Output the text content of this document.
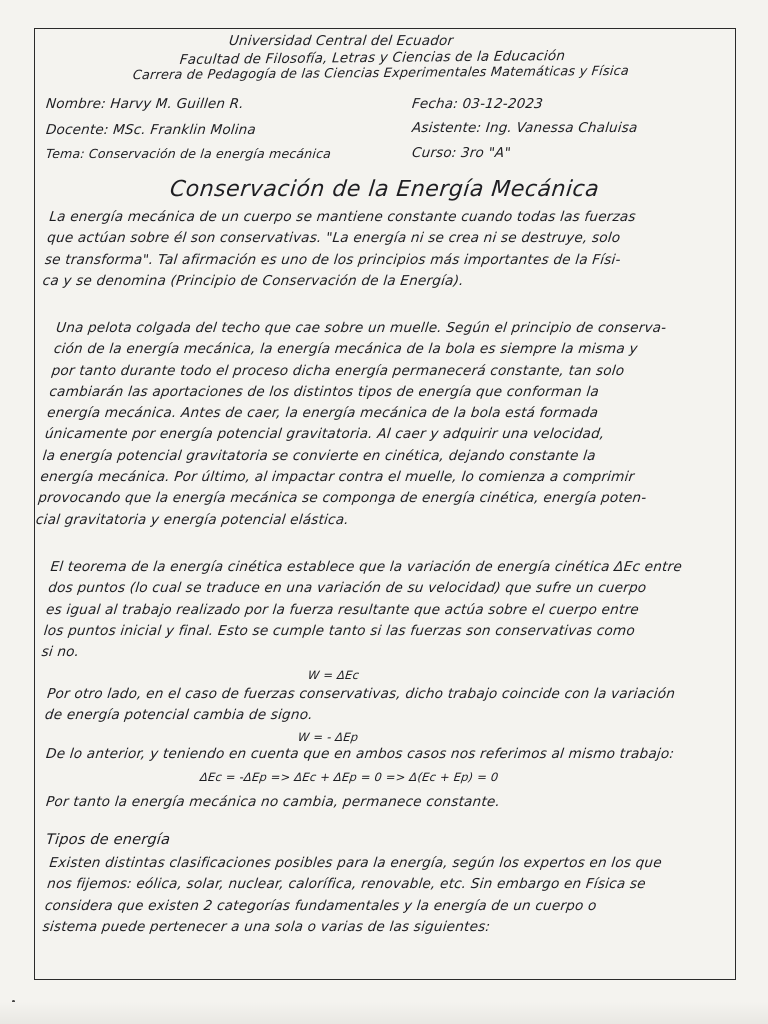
Universidad Central del Ecuador
Facultad de Filosofía, Letras y Ciencias de la Educación
Carrera de Pedagogía de las Ciencias Experimentales Matemáticas y Física
Nombre: Harvy M. Guillen R.	Fecha: 03-12-2023
Docente: MSc. Franklin Molina	Asistente: Ing. Vanessa Chaluisa
Tema: Conservación de la energía mecánica	Curso: 3ro "A"
Conservación de la Energía Mecánica
La energía mecánica de un cuerpo se mantiene constante cuando todas las fuerzas
que actúan sobre él son conservativas. "La energía ni se crea ni se destruye, solo
se transforma". Tal afirmación es uno de los principios más importantes de la Físi-
ca y se denomina (Principio de Conservación de la Energía).
Una pelota colgada del techo que cae sobre un muelle. Según el principio de conserva-
ción de la energía mecánica, la energía mecánica de la bola es siempre la misma y
por tanto durante todo el proceso dicha energía permanecerá constante, tan solo
cambiarán las aportaciones de los distintos tipos de energía que conforman la
energía mecánica. Antes de caer, la energía mecánica de la bola está formada
únicamente por energía potencial gravitatoria. Al caer y adquirir una velocidad,
la energía potencial gravitatoria se convierte en cinética, dejando constante la
energía mecánica. Por último, al impactar contra el muelle, lo comienza a comprimir
provocando que la energía mecánica se componga de energía cinética, energía poten-
cial gravitatoria y energía potencial elástica.
El teorema de la energía cinética establece que la variación de energía cinética ΔEc entre
dos puntos (lo cual se traduce en una variación de su velocidad) que sufre un cuerpo
es igual al trabajo realizado por la fuerza resultante que actúa sobre el cuerpo entre
los puntos inicial y final. Esto se cumple tanto si las fuerzas son conservativas como
si no.
W = ΔEc
Por otro lado, en el caso de fuerzas conservativas, dicho trabajo coincide con la variación
de energía potencial cambia de signo.
W = - ΔEp
De lo anterior, y teniendo en cuenta que en ambos casos nos referimos al mismo trabajo:
ΔEc = -ΔEp => ΔEc + ΔEp = 0 => Δ(Ec + Ep) = 0
Por tanto la energía mecánica no cambia, permanece constante.
Tipos de energía
Existen distintas clasificaciones posibles para la energía, según los expertos en los que
nos fijemos: eólica, solar, nuclear, calorífica, renovable, etc. Sin embargo en Física se
considera que existen 2 categorías fundamentales y la energía de un cuerpo o
sistema puede pertenecer a una sola o varias de las siguientes:
